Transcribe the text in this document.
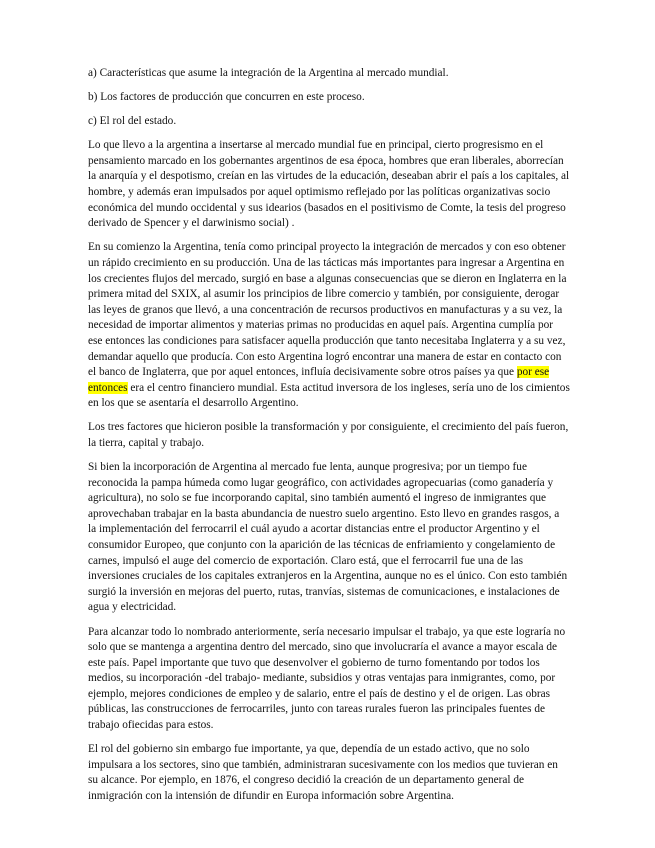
a) Características que asume la integración de la Argentina al mercado mundial.

b) Los factores de producción que concurren en este proceso.

c) El rol del estado.

Lo que llevo a la argentina a insertarse al mercado mundial fue en principal, cierto progresismo en el pensamiento marcado en los gobernantes argentinos de esa época, hombres que eran liberales, aborrecían la anarquía y el despotismo, creían en las virtudes de la educación, deseaban abrir el país a los capitales, al hombre, y además eran impulsados por aquel optimismo reflejado por las políticas organizativas socio económica del mundo occidental y sus idearios (basados en el positivismo de Comte, la tesis del progreso derivado de Spencer y el darwinismo social) .

En su comienzo la Argentina, tenía como principal proyecto la integración de mercados y con eso obtener un rápido crecimiento en su producción. Una de las tácticas más importantes para ingresar a Argentina en los crecientes flujos del mercado, surgió en base a algunas consecuencias que se dieron en Inglaterra en la primera mitad del SXIX, al asumir los principios de libre comercio y también, por consiguiente, derogar las leyes de granos que llevó, a una concentración de recursos productivos en manufacturas y a su vez, la necesidad de importar alimentos y materias primas no producidas en aquel país. Argentina cumplía por ese entonces las condiciones para satisfacer aquella producción que tanto necesitaba Inglaterra y a su vez, demandar aquello que producía. Con esto Argentina logró encontrar una manera de estar en contacto con el banco de Inglaterra, que por aquel entonces, influía decisivamente sobre otros países ya que por ese entonces era el centro financiero mundial. Esta actitud inversora de los ingleses, sería uno de los cimientos en los que se asentaría el desarrollo Argentino.

Los tres factores que hicieron posible la transformación y por consiguiente, el crecimiento del país fueron, la tierra, capital y trabajo.

Si bien la incorporación de Argentina al mercado fue lenta, aunque progresiva; por un tiempo fue reconocida la pampa húmeda como lugar geográfico, con actividades agropecuarias (como ganadería y agricultura), no solo se fue incorporando capital, sino también aumentó el ingreso de inmigrantes que aprovechaban trabajar en la basta abundancia de nuestro suelo argentino. Esto llevo en grandes rasgos, a la implementación del ferrocarril el cuál ayudo a acortar distancias entre el productor Argentino y el consumidor Europeo, que conjunto con la aparición de las técnicas de enfriamiento y congelamiento de carnes, impulsó el auge del comercio de exportación. Claro está, que el ferrocarril fue una de las inversiones cruciales de los capitales extranjeros en la Argentina, aunque no es el único. Con esto también surgió la inversión en mejoras del puerto, rutas, tranvías, sistemas de comunicaciones, e instalaciones de agua y electricidad.

Para alcanzar todo lo nombrado anteriormente, sería necesario impulsar el trabajo, ya que este lograría no solo que se mantenga a argentina dentro del mercado, sino que involucraría el avance a mayor escala de este país. Papel importante que tuvo que desenvolver el gobierno de turno fomentando por todos los medios, su incorporación -del trabajo- mediante, subsidios y otras ventajas para inmigrantes, como, por ejemplo, mejores condiciones de empleo y de salario, entre el país de destino y el de origen. Las obras públicas, las construcciones de ferrocarriles, junto con tareas rurales fueron las principales fuentes de trabajo ofiecidas para estos.

El rol del gobierno sin embargo fue importante, ya que, dependía de un estado activo, que no solo impulsara a los sectores, sino que también, administraran sucesivamente con los medios que tuvieran en su alcance. Por ejemplo, en 1876, el congreso decidió la creación de un departamento general de inmigración con la intensión de difundir en Europa información sobre Argentina.
